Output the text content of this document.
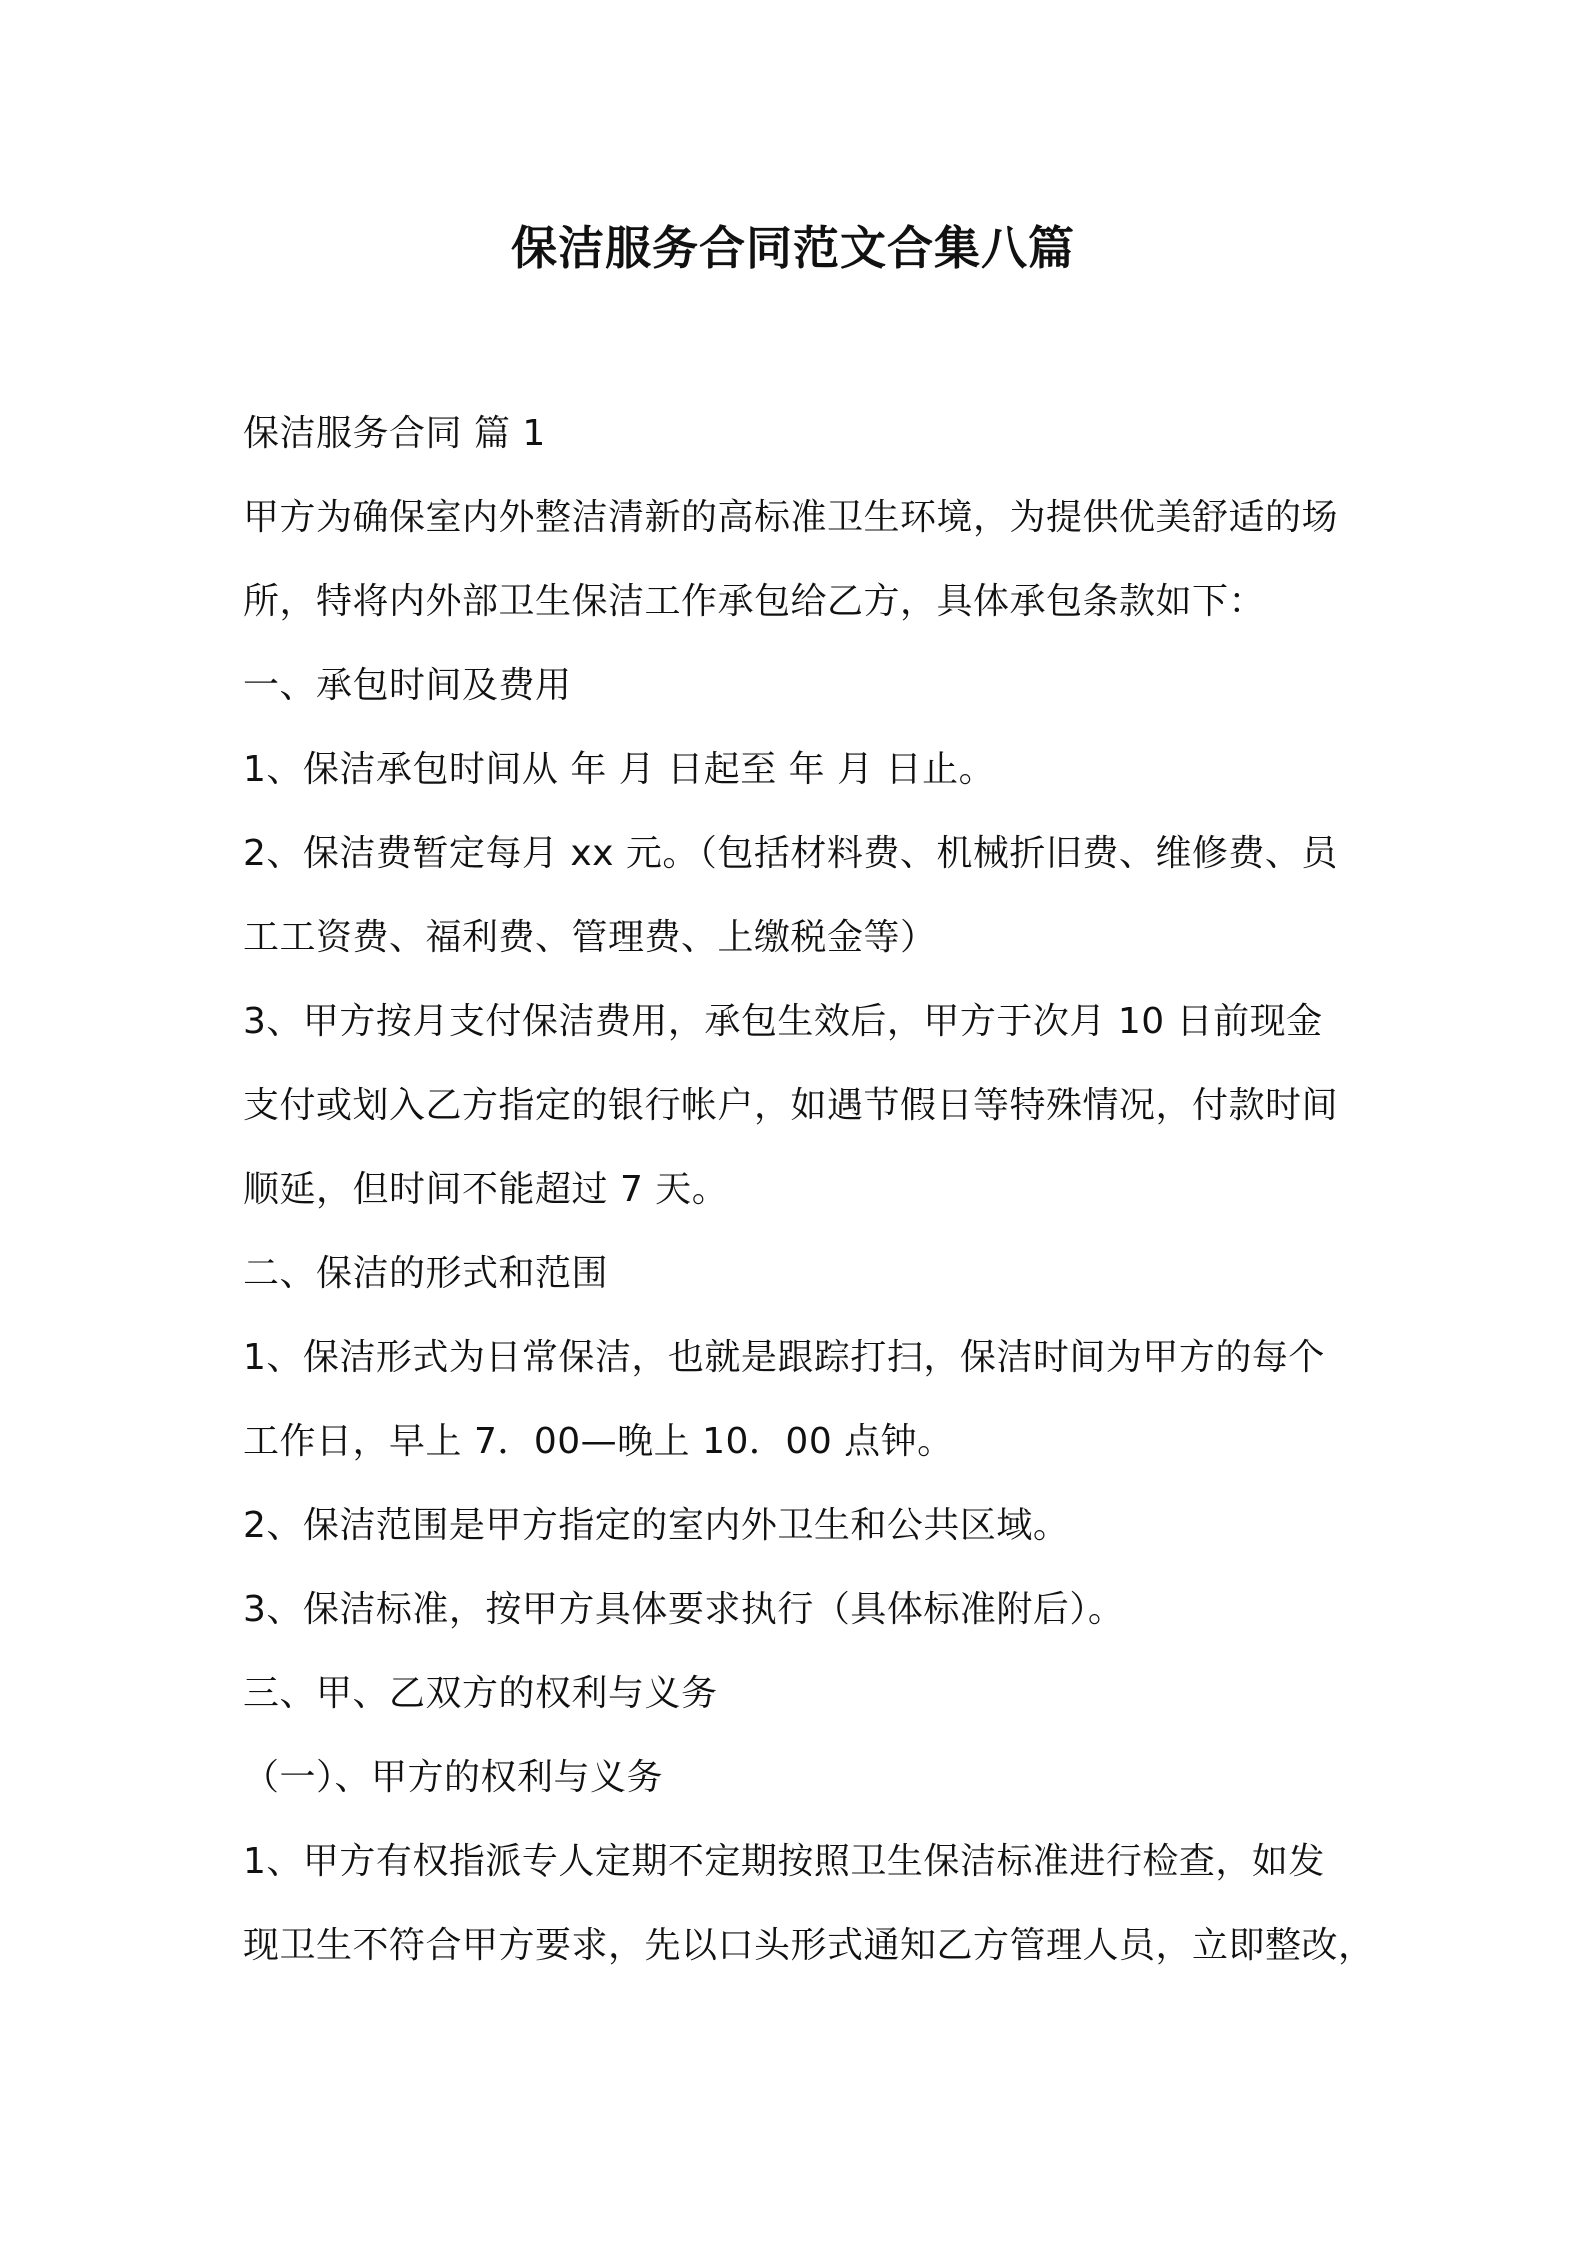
保洁服务合同范文合集八篇

保洁服务合同 篇 1

甲方为确保室内外整洁清新的高标准卫生环境，为提供优美舒适的场

所，特将内外部卫生保洁工作承包给乙方，具体承包条款如下：

一、承包时间及费用

1、保洁承包时间从 年 月 日起至 年 月 日止。

2、保洁费暂定每月 xx 元。（包括材料费、机械折旧费、维修费、员

工工资费、福利费、管理费、上缴税金等）

3、甲方按月支付保洁费用，承包生效后，甲方于次月 10 日前现金

支付或划入乙方指定的银行帐户，如遇节假日等特殊情况，付款时间

顺延，但时间不能超过 7 天。

二、保洁的形式和范围

1、保洁形式为日常保洁，也就是跟踪打扫，保洁时间为甲方的每个

工作日，早上 7．00—晚上 10．00 点钟。

2、保洁范围是甲方指定的室内外卫生和公共区域。

3、保洁标准，按甲方具体要求执行（具体标准附后）。

三、甲、乙双方的权利与义务

（一）、甲方的权利与义务

1、甲方有权指派专人定期不定期按照卫生保洁标准进行检查，如发

现卫生不符合甲方要求，先以口头形式通知乙方管理人员，立即整改，
